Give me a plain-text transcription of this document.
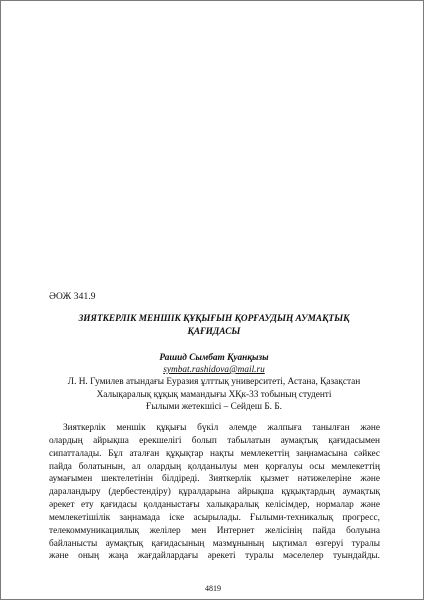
ӘОЖ 341.9
ЗИЯТКЕРЛІК МЕНШІК ҚҰҚЫҒЫН ҚОРҒАУДЫҢ АУМАҚТЫҚ
ҚАҒИДАСЫ
Рашид Сымбат Қуанқызы
symbat.rashidova@mail.ru
Л. Н. Гумилев атындағы Еуразия ұлттық университеті, Астана, Қазақстан
Халықаралық құқық мамандығы ХҚк-33 тобының студенті
Ғылыми жетекшісі – Сейдеш Б. Б.
Зияткерлік меншік құқығы бүкіл әлемде жалпыға танылған және
олардың айрықша ерекшелігі болып табылатын аумақтық қағидасымен
сипатталады. Бұл аталған құқықтар нақты мемлекеттің заңнамасына сәйкес
пайда болатынын, ал олардың қолданылуы мен қорғалуы осы мемлекеттің
аумағымен шектелетінін білдіреді. Зияткерлік қызмет нәтижелеріне және
дараландыру (дербестендіру) құралдарына айрықша құқықтардың аумақтық
әрекет ету қағидасы қолданыстағы халықаралық келісімдер, нормалар және
мемлекетішілік заңнамада іске асырылады. Ғылыми-техникалық прогресс,
телекоммуникациялық желілер мен Интернет желісінің пайда болуына
байланысты аумақтық қағидасының мазмұнының ықтимал өзгеруі туралы
және оның жаңа жағдайлардағы әрекеті туралы мәселелер туындайды.
4819
